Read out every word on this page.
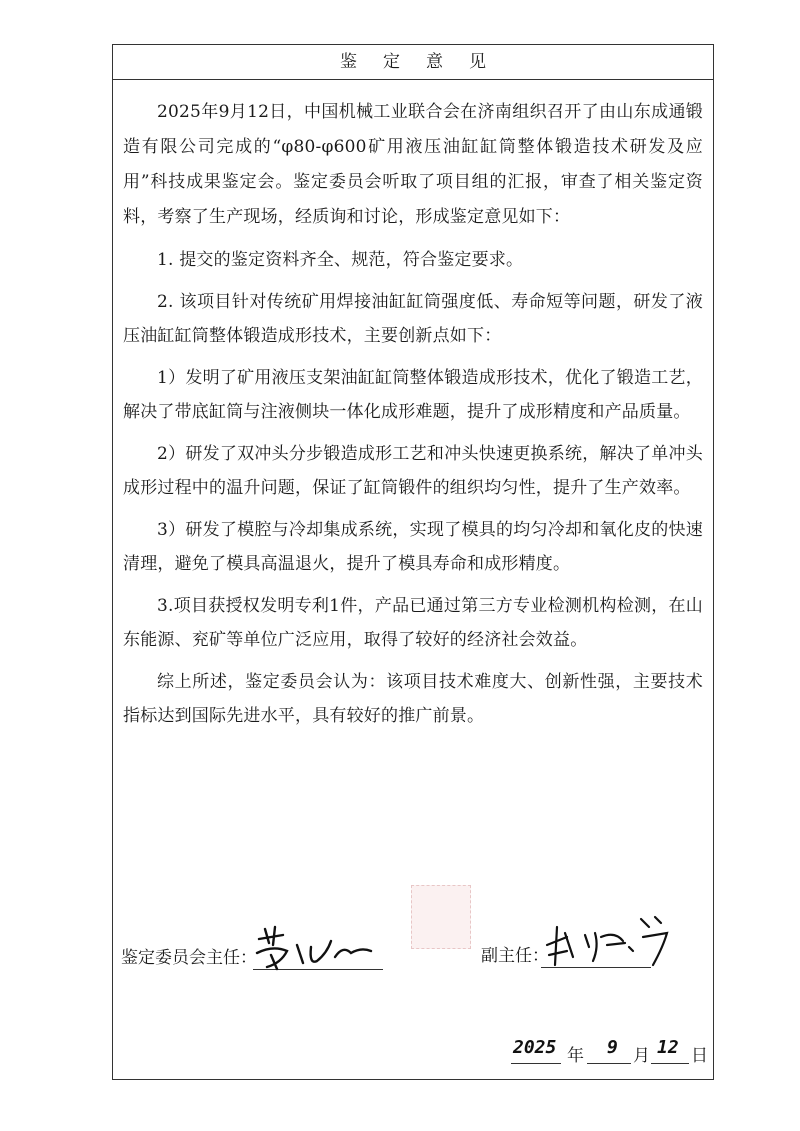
鉴定意见

2025年9月12日，中国机械工业联合会在济南组织召开了由山东成通锻造有限公司完成的“φ80-φ600矿用液压油缸缸筒整体锻造技术研发及应用”科技成果鉴定会。鉴定委员会听取了项目组的汇报，审查了相关鉴定资料，考察了生产现场，经质询和讨论，形成鉴定意见如下：

1. 提交的鉴定资料齐全、规范，符合鉴定要求。

2. 该项目针对传统矿用焊接油缸缸筒强度低、寿命短等问题，研发了液压油缸缸筒整体锻造成形技术，主要创新点如下：

1）发明了矿用液压支架油缸缸筒整体锻造成形技术，优化了锻造工艺，解决了带底缸筒与注液侧块一体化成形难题，提升了成形精度和产品质量。

2）研发了双冲头分步锻造成形工艺和冲头快速更换系统，解决了单冲头成形过程中的温升问题，保证了缸筒锻件的组织均匀性，提升了生产效率。

3）研发了模腔与冷却集成系统，实现了模具的均匀冷却和氧化皮的快速清理，避免了模具高温退火，提升了模具寿命和成形精度。

3.项目获授权发明专利1件，产品已通过第三方专业检测机构检测，在山东能源、兖矿等单位广泛应用，取得了较好的经济社会效益。

综上所述，鉴定委员会认为：该项目技术难度大、创新性强，主要技术指标达到国际先进水平，具有较好的推广前景。

鉴定委员会主任：	副主任：
2025 年 9 月 12 日
